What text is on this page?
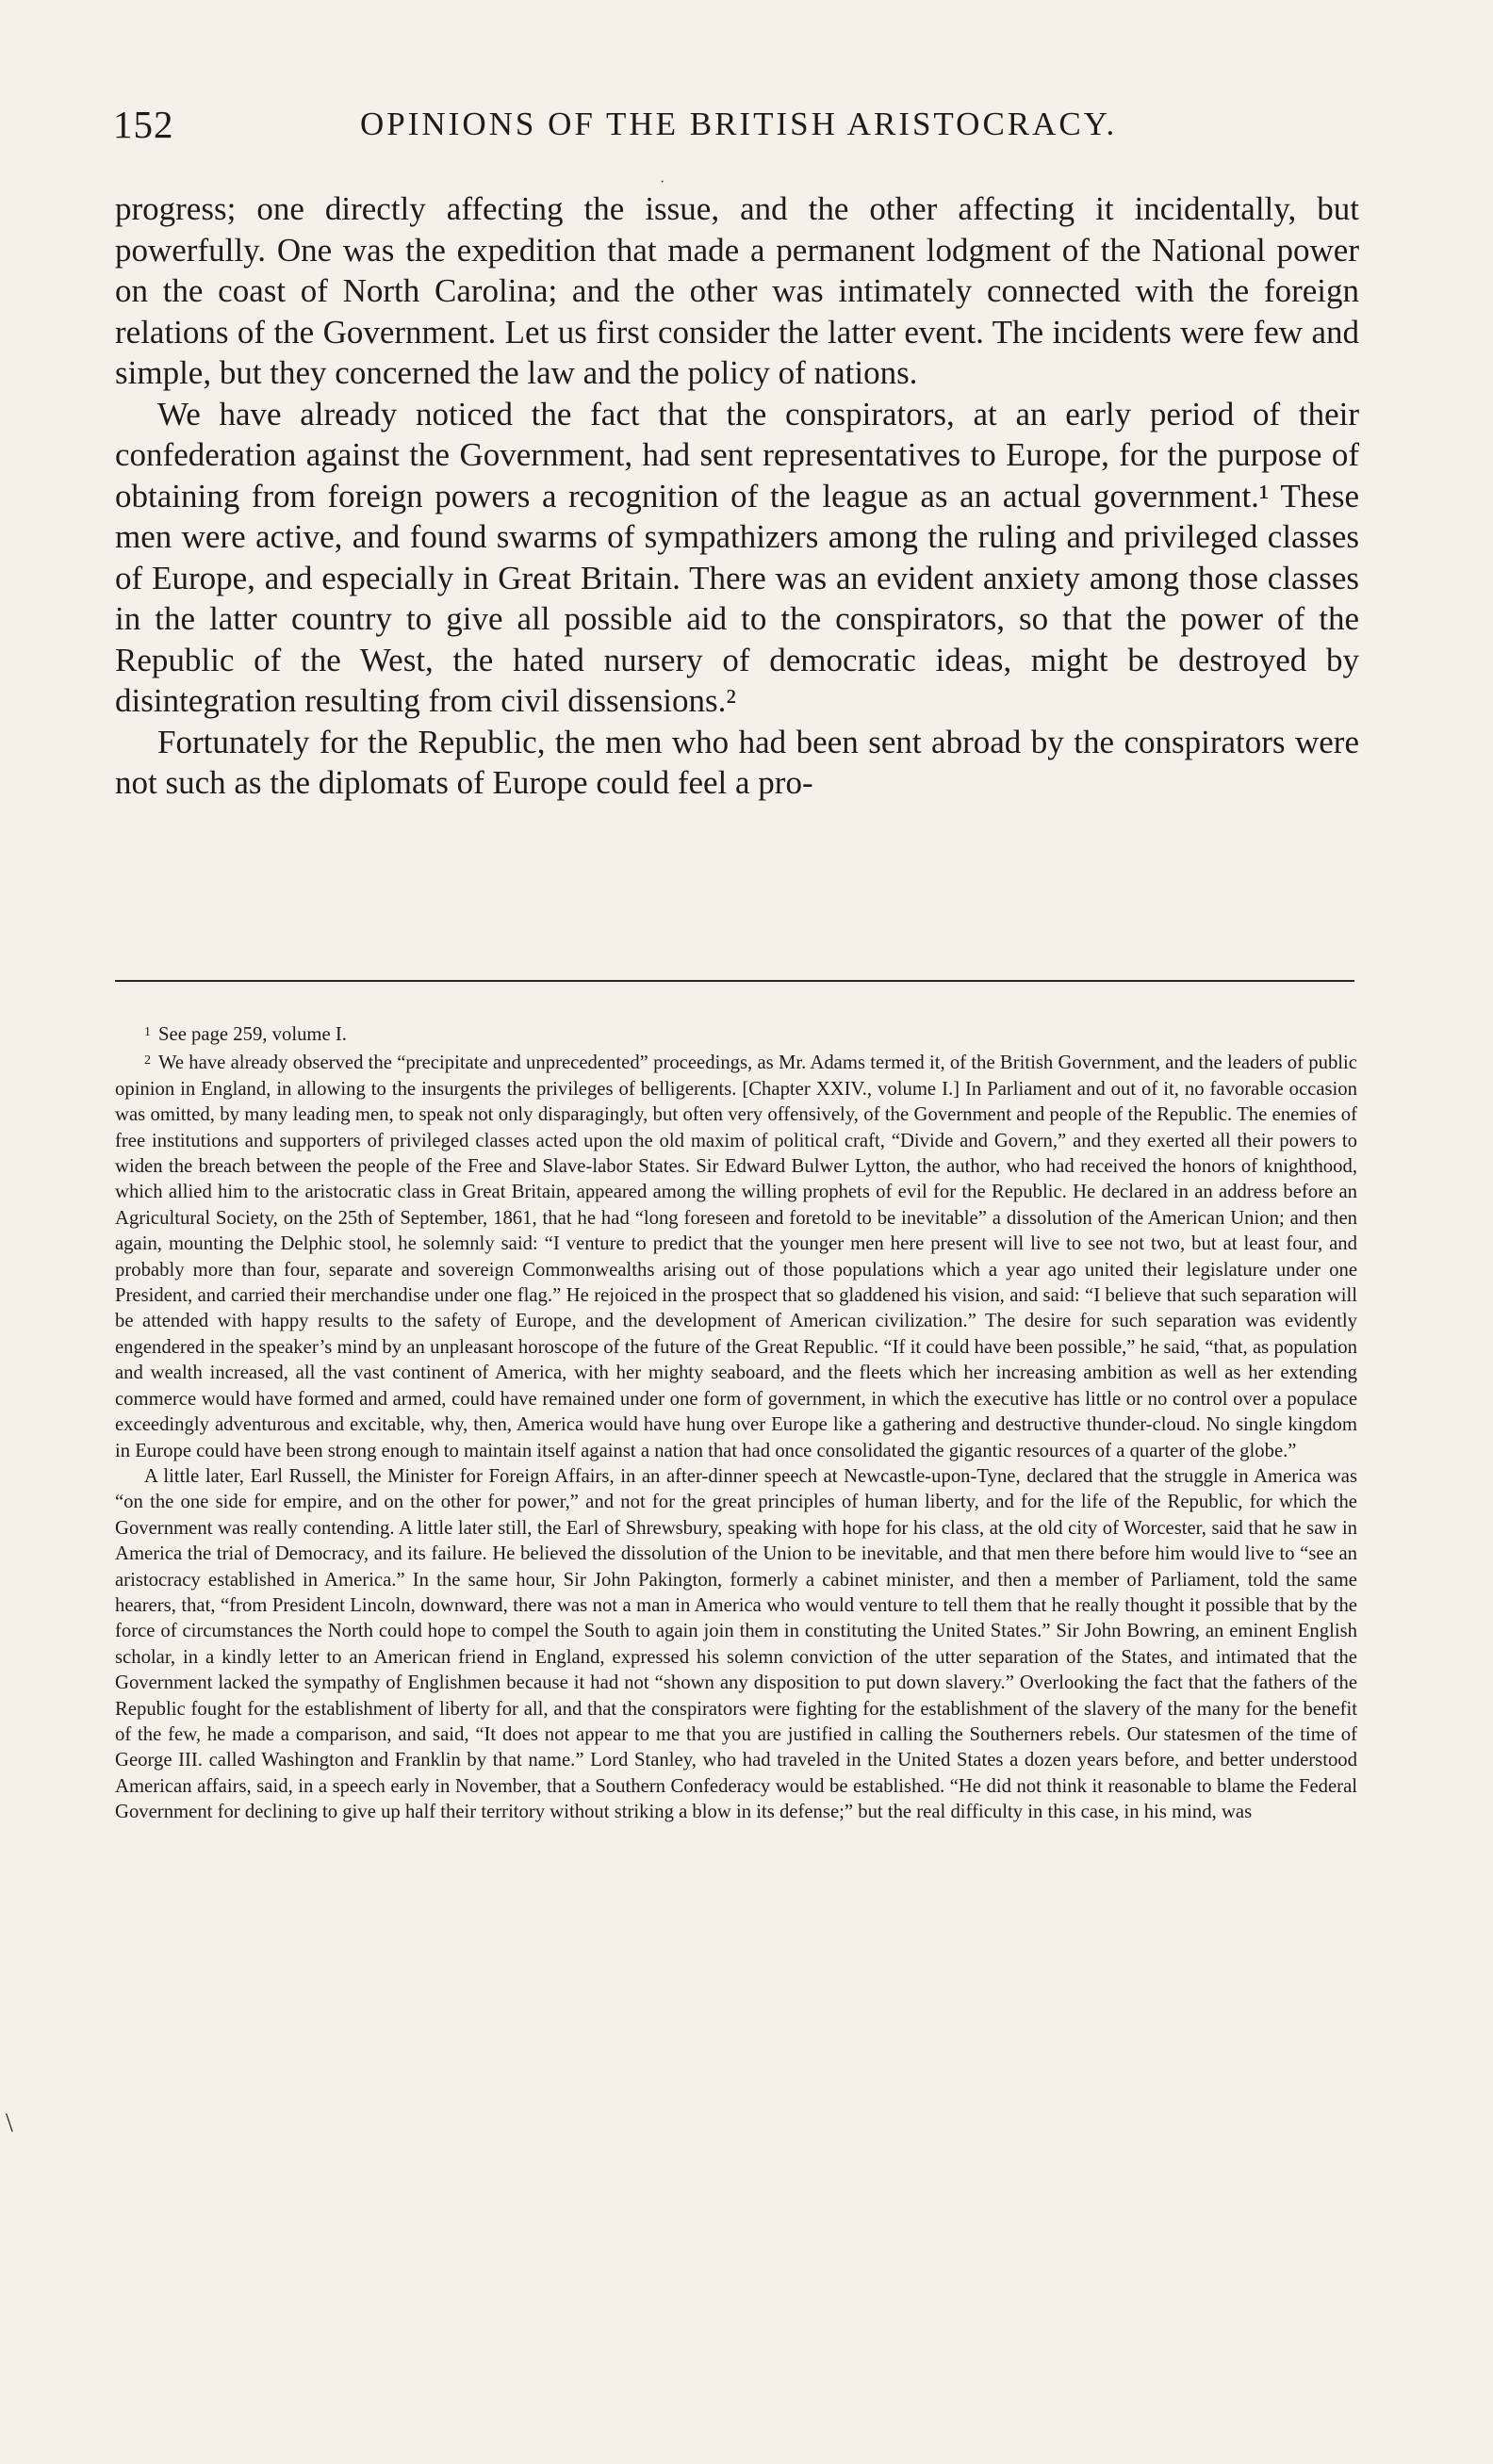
152	OPINIONS OF THE BRITISH ARISTOCRACY.
·

progress; one directly affecting the issue, and the other affecting it incidentally, but powerfully. One was the expedition that made a permanent lodgment of the National power on the coast of North Carolina; and the other was intimately connected with the foreign relations of the Government. Let us first consider the latter event. The incidents were few and simple, but they concerned the law and the policy of nations.

We have already noticed the fact that the conspirators, at an early period of their confederation against the Government, had sent representatives to Europe, for the purpose of obtaining from foreign powers a recognition of the league as an actual government.¹ These men were active, and found swarms of sympathizers among the ruling and privileged classes of Europe, and especially in Great Britain. There was an evident anxiety among those classes in the latter country to give all possible aid to the conspirators, so that the power of the Republic of the West, the hated nursery of democratic ideas, might be destroyed by disintegration resulting from civil dissensions.²

Fortunately for the Republic, the men who had been sent abroad by the conspirators were not such as the diplomats of Europe could feel a pro-

$^1$ See page 259, volume I.

$^2$ We have already observed the “precipitate and unprecedented” proceedings, as Mr. Adams termed it, of the British Government, and the leaders of public opinion in England, in allowing to the insurgents the privileges of belligerents. [Chapter XXIV., volume I.] In Parliament and out of it, no favorable occasion was omitted, by many leading men, to speak not only disparagingly, but often very offensively, of the Government and people of the Republic. The enemies of free institutions and supporters of privileged classes acted upon the old maxim of political craft, “Divide and Govern,” and they exerted all their powers to widen the breach between the people of the Free and Slave-labor States. Sir Edward Bulwer Lytton, the author, who had received the honors of knighthood, which allied him to the aristocratic class in Great Britain, appeared among the willing prophets of evil for the Republic. He declared in an address before an Agricultural Society, on the 25th of September, 1861, that he had “long foreseen and foretold to be inevitable” a dissolution of the American Union; and then again, mounting the Delphic stool, he solemnly said: “I venture to predict that the younger men here present will live to see not two, but at least four, and probably more than four, separate and sovereign Commonwealths arising out of those populations which a year ago united their legislature under one President, and carried their merchandise under one flag.” He rejoiced in the prospect that so gladdened his vision, and said: “I believe that such separation will be attended with happy results to the safety of Europe, and the development of American civilization.” The desire for such separation was evidently engendered in the speaker’s mind by an unpleasant horoscope of the future of the Great Republic. “If it could have been possible,” he said, “that, as population and wealth increased, all the vast continent of America, with her mighty seaboard, and the fleets which her increasing ambition as well as her extending commerce would have formed and armed, could have remained under one form of government, in which the executive has little or no control over a populace exceedingly adventurous and excitable, why, then, America would have hung over Europe like a gathering and destructive thunder-cloud. No single kingdom in Europe could have been strong enough to maintain itself against a nation that had once consolidated the gigantic resources of a quarter of the globe.”

A little later, Earl Russell, the Minister for Foreign Affairs, in an after-dinner speech at Newcastle-upon-Tyne, declared that the struggle in America was “on the one side for empire, and on the other for power,” and not for the great principles of human liberty, and for the life of the Republic, for which the Government was really contending. A little later still, the Earl of Shrewsbury, speaking with hope for his class, at the old city of Worcester, said that he saw in America the trial of Democracy, and its failure. He believed the dissolution of the Union to be inevitable, and that men there before him would live to “see an aristocracy established in America.” In the same hour, Sir John Pakington, formerly a cabinet minister, and then a member of Parliament, told the same hearers, that, “from President Lincoln, downward, there was not a man in America who would venture to tell them that he really thought it possible that by the force of circumstances the North could hope to compel the South to again join them in constituting the United States.” Sir John Bowring, an eminent English scholar, in a kindly letter to an American friend in England, expressed his solemn conviction of the utter separation of the States, and intimated that the Government lacked the sympathy of Englishmen because it had not “shown any disposition to put down slavery.” Overlooking the fact that the fathers of the Republic fought for the establishment of liberty for all, and that the conspirators were fighting for the establishment of the slavery of the many for the benefit of the few, he made a comparison, and said, “It does not appear to me that you are justified in calling the Southerners rebels. Our statesmen of the time of George III. called Washington and Franklin by that name.” Lord Stanley, who had traveled in the United States a dozen years before, and better understood American affairs, said, in a speech early in November, that a Southern Confederacy would be established. “He did not think it reasonable to blame the Federal Government for declining to give up half their territory without striking a blow in its defense;” but the real difficulty in this case, in his mind, was

\
